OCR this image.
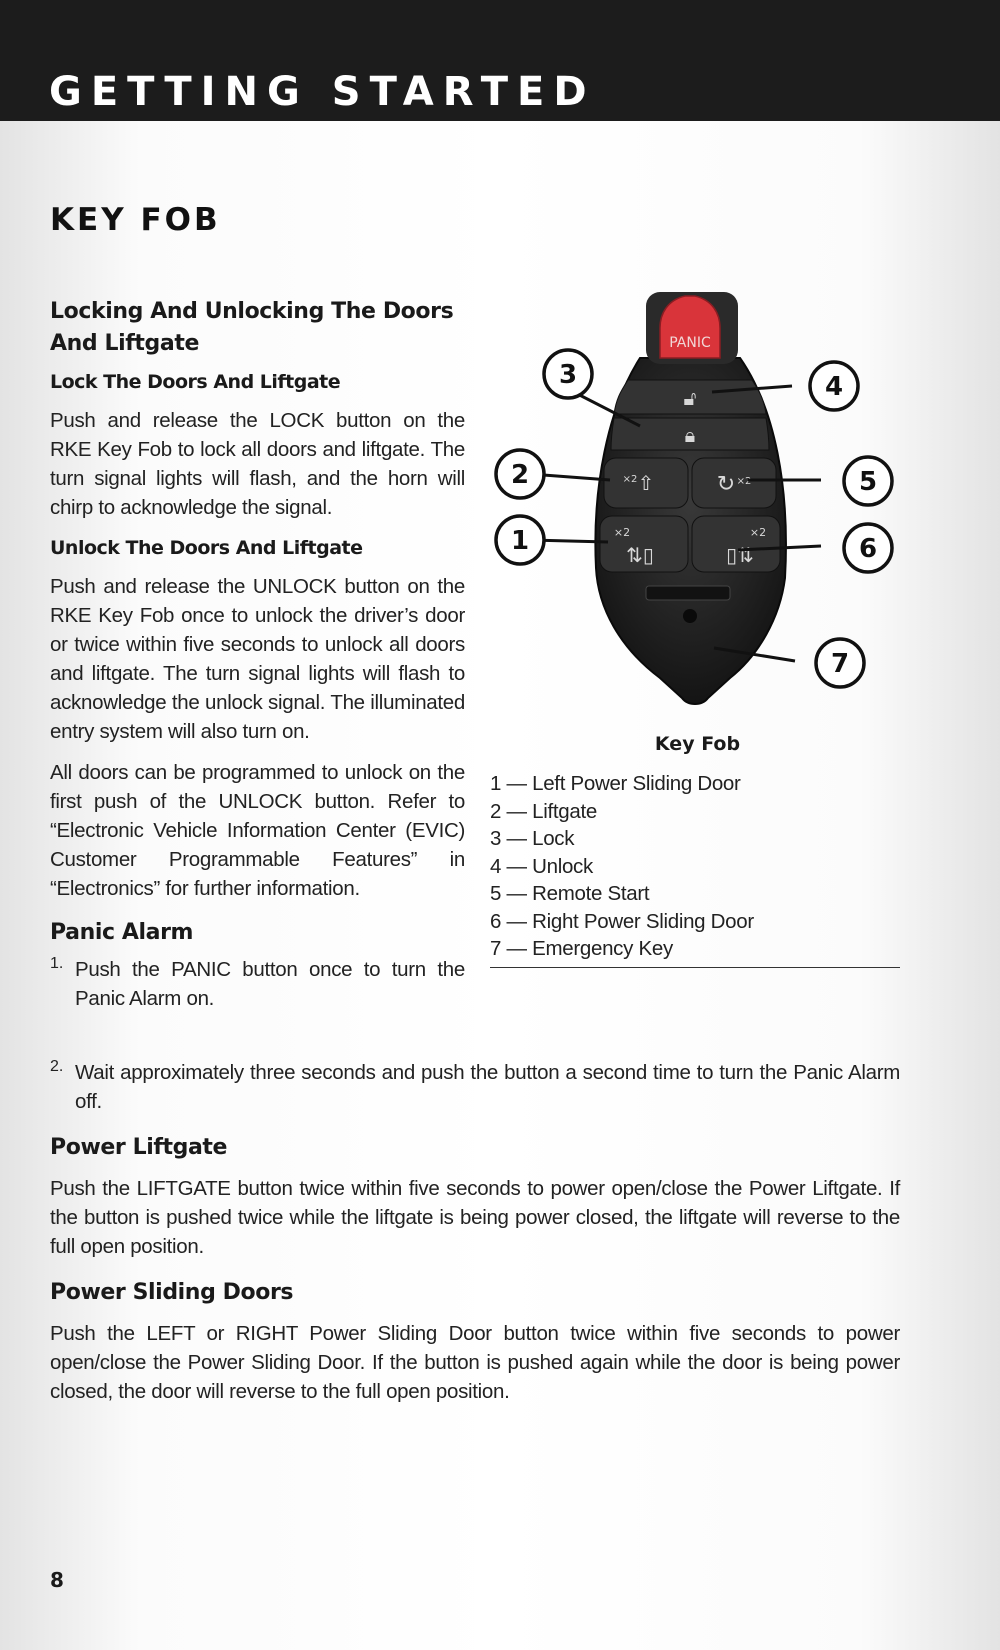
GETTING STARTED
KEY FOB
Locking And Unlocking The Doors And Liftgate
Lock The Doors And Liftgate

Push and release the LOCK button on the RKE Key Fob to lock all doors and liftgate. The turn signal lights will flash, and the horn will chirp to acknowledge the signal.

Unlock The Doors And Liftgate

Push and release the UNLOCK button on the RKE Key Fob once to unlock the driver’s door or twice within five seconds to unlock all doors and liftgate. The turn signal lights will flash to acknowledge the unlock signal. The illuminated entry system will also turn on.

All doors can be programmed to unlock on the first push of the UNLOCK button. Refer to “Electronic Vehicle Information Center (EVIC) Customer Programmable Features” in “Electronics” for further information.

Panic Alarm
1. Push the PANIC button once to turn the Panic Alarm on.

2. Wait approximately three seconds and push the button a second time to turn the Panic Alarm off.

Power Liftgate

Push the LIFTGATE button twice within five seconds to power open/close the Power Liftgate. If the button is pushed twice while the liftgate is being power closed, the liftgate will reverse to the full open position.

Power Sliding Doors

Push the LEFT or RIGHT Power Sliding Door button twice within five seconds to power open/close the Power Sliding Door. If the button is pushed again while the door is being power closed, the door will reverse to the full open position.

PANIC
🔓︎
🔒︎
⇧
×2	↻ ×2
×2
⇅▯
×2
▯⇅
1
2
3	4
5
6
7
Key Fob
1 — Left Power Sliding Door
2 — Liftgate
3 — Lock
4 — Unlock
5 — Remote Start
6 — Right Power Sliding Door
7 — Emergency Key
8
